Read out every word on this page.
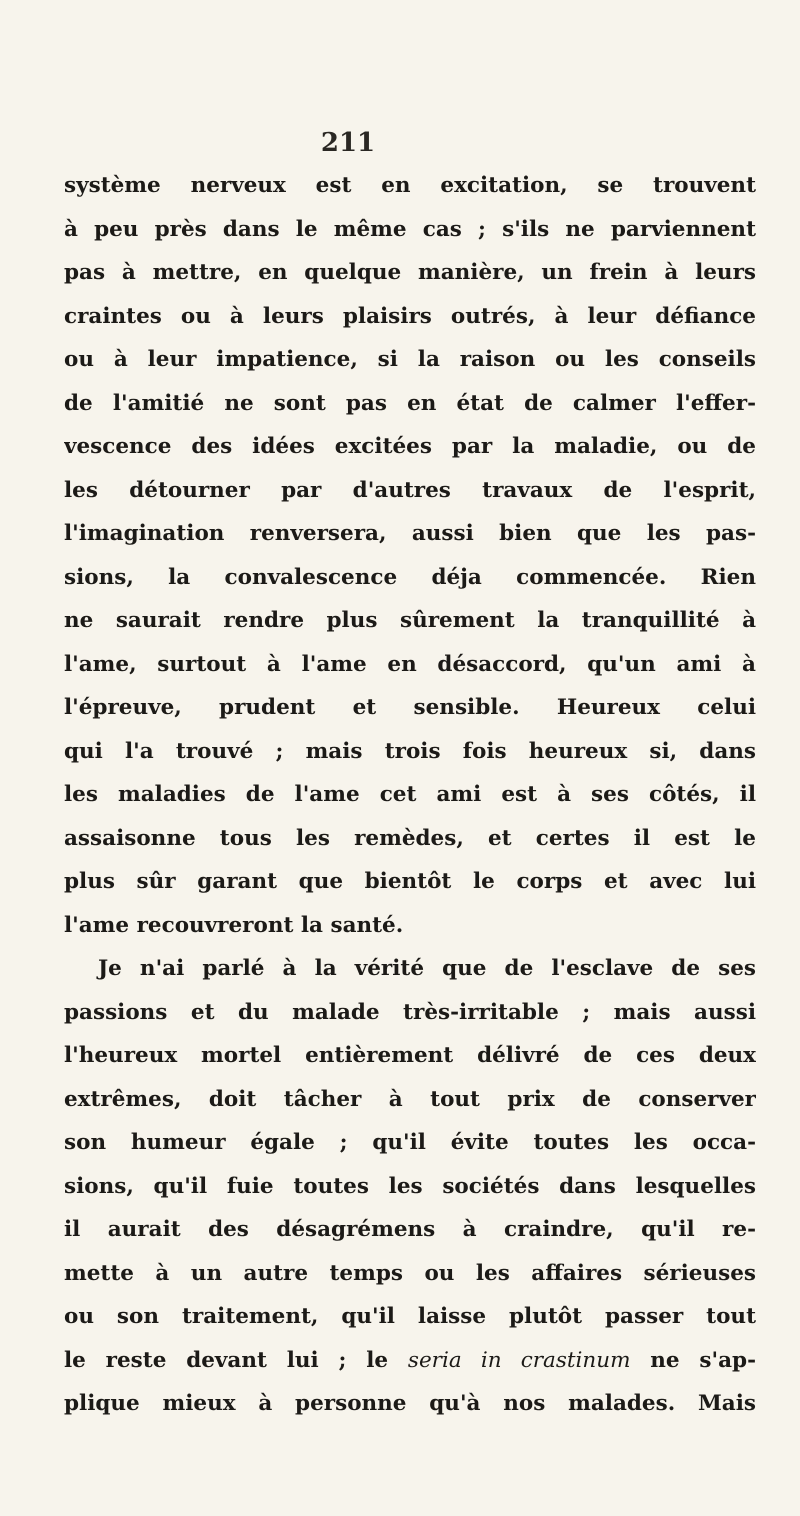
211
système nerveux est en excitation, se trouvent
à peu près dans le même cas ; s'ils ne parviennent
pas à mettre, en quelque manière, un frein à leurs
craintes ou à leurs plaisirs outrés, à leur défiance
ou à leur impatience, si la raison ou les conseils
de l'amitié ne sont pas en état de calmer l'effer-
vescence des idées excitées par la maladie, ou de
les détourner par d'autres travaux de l'esprit,
l'imagination renversera, aussi bien que les pas-
sions, la convalescence déja commencée. Rien
ne saurait rendre plus sûrement la tranquillité à
l'ame, surtout à l'ame en désaccord, qu'un ami à
l'épreuve, prudent et sensible. Heureux celui
qui l'a trouvé ; mais trois fois heureux si, dans
les maladies de l'ame cet ami est à ses côtés, il
assaisonne tous les remèdes, et certes il est le
plus sûr garant que bientôt le corps et avec lui
l'ame recouvreront la santé.
Je n'ai parlé à la vérité que de l'esclave de ses
passions et du malade très-irritable ; mais aussi
l'heureux mortel entièrement délivré de ces deux
extrêmes, doit tâcher à tout prix de conserver
son humeur égale ; qu'il évite toutes les occa-
sions, qu'il fuie toutes les sociétés dans lesquelles
il aurait des désagrémens à craindre, qu'il re-
mette à un autre temps ou les affaires sérieuses
ou son traitement, qu'il laisse plutôt passer tout
le reste devant lui ; le seria in crastinum ne s'ap-
plique mieux à personne qu'à nos malades. Mais
